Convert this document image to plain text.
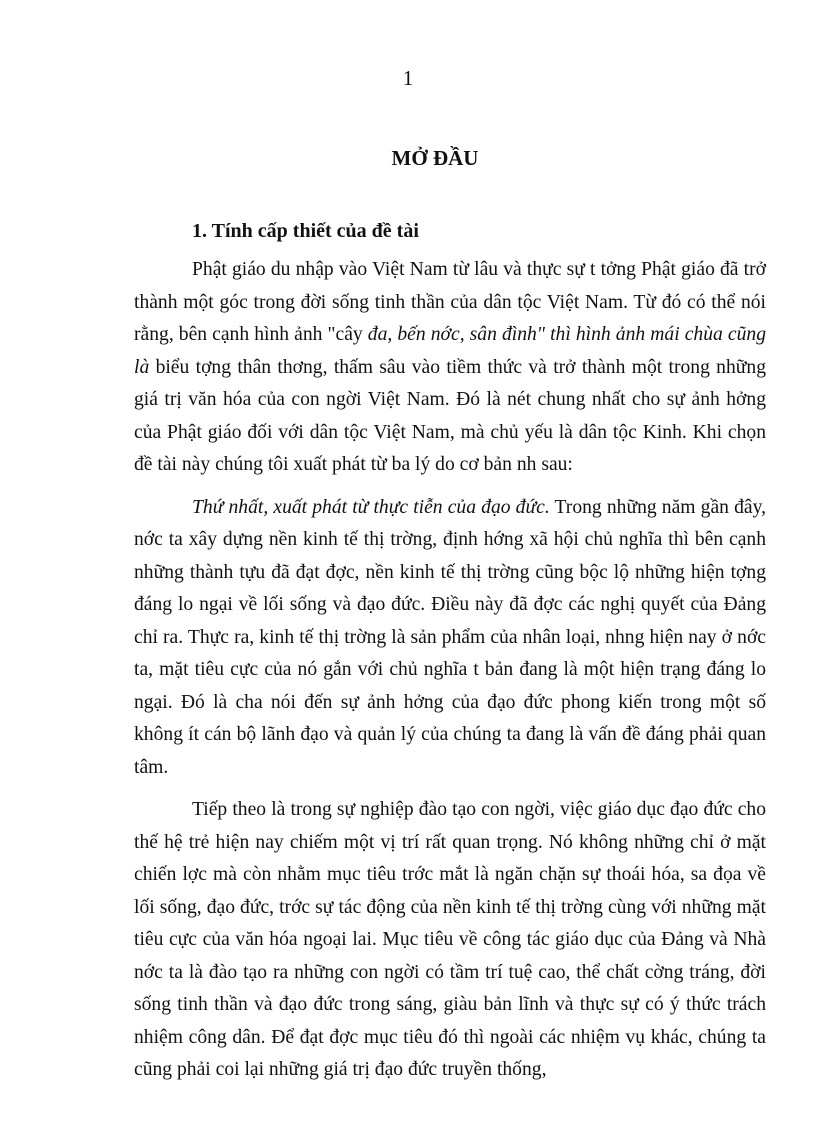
1
MỞ ĐẦU
1. Tính cấp thiết của đề tài

Phật giáo du nhập vào Việt Nam từ lâu và thực sự t tởng Phật giáo đã trở thành một góc trong đời sống tinh thần của dân tộc Việt Nam. Từ đó có thể nói rằng, bên cạnh hình ảnh "cây đa, bến nớc, sân đình" thì hình ảnh mái chùa cũng là biểu tợng thân thơng, thấm sâu vào tiềm thức và trở thành một trong những giá trị văn hóa của con ngời Việt Nam. Đó là nét chung nhất cho sự ảnh hởng của Phật giáo đối với dân tộc Việt Nam, mà chủ yếu là dân tộc Kinh. Khi chọn đề tài này chúng tôi xuất phát từ ba lý do cơ bản nh sau:

Thứ nhất, xuất phát từ thực tiễn của đạo đức. Trong những năm gần đây, nớc ta xây dựng nền kinh tế thị trờng, định hớng xã hội chủ nghĩa thì bên cạnh những thành tựu đã đạt đợc, nền kinh tế thị trờng cũng bộc lộ những hiện tợng đáng lo ngại về lối sống và đạo đức. Điều này đã đợc các nghị quyết của Đảng chỉ ra. Thực ra, kinh tế thị trờng là sản phẩm của nhân loại, nhng hiện nay ở nớc ta, mặt tiêu cực của nó gắn với chủ nghĩa t bản đang là một hiện trạng đáng lo ngại. Đó là cha nói đến sự ảnh hởng của đạo đức phong kiến trong một số không ít cán bộ lãnh đạo và quản lý của chúng ta đang là vấn đề đáng phải quan tâm.

Tiếp theo là trong sự nghiệp đào tạo con ngời, việc giáo dục đạo đức cho thế hệ trẻ hiện nay chiếm một vị trí rất quan trọng. Nó không những chỉ ở mặt chiến lợc mà còn nhằm mục tiêu trớc mắt là ngăn chặn sự thoái hóa, sa đọa về lối sống, đạo đức, trớc sự tác động của nền kinh tế thị trờng cùng với những mặt tiêu cực của văn hóa ngoại lai. Mục tiêu về công tác giáo dục của Đảng và Nhà nớc ta là đào tạo ra những con ngời có tầm trí tuệ cao, thể chất cờng tráng, đời sống tinh thần và đạo đức trong sáng, giàu bản lĩnh và thực sự có ý thức trách nhiệm công dân. Để đạt đợc mục tiêu đó thì ngoài các nhiệm vụ khác, chúng ta cũng phải coi lại những giá trị đạo đức truyền thống,
